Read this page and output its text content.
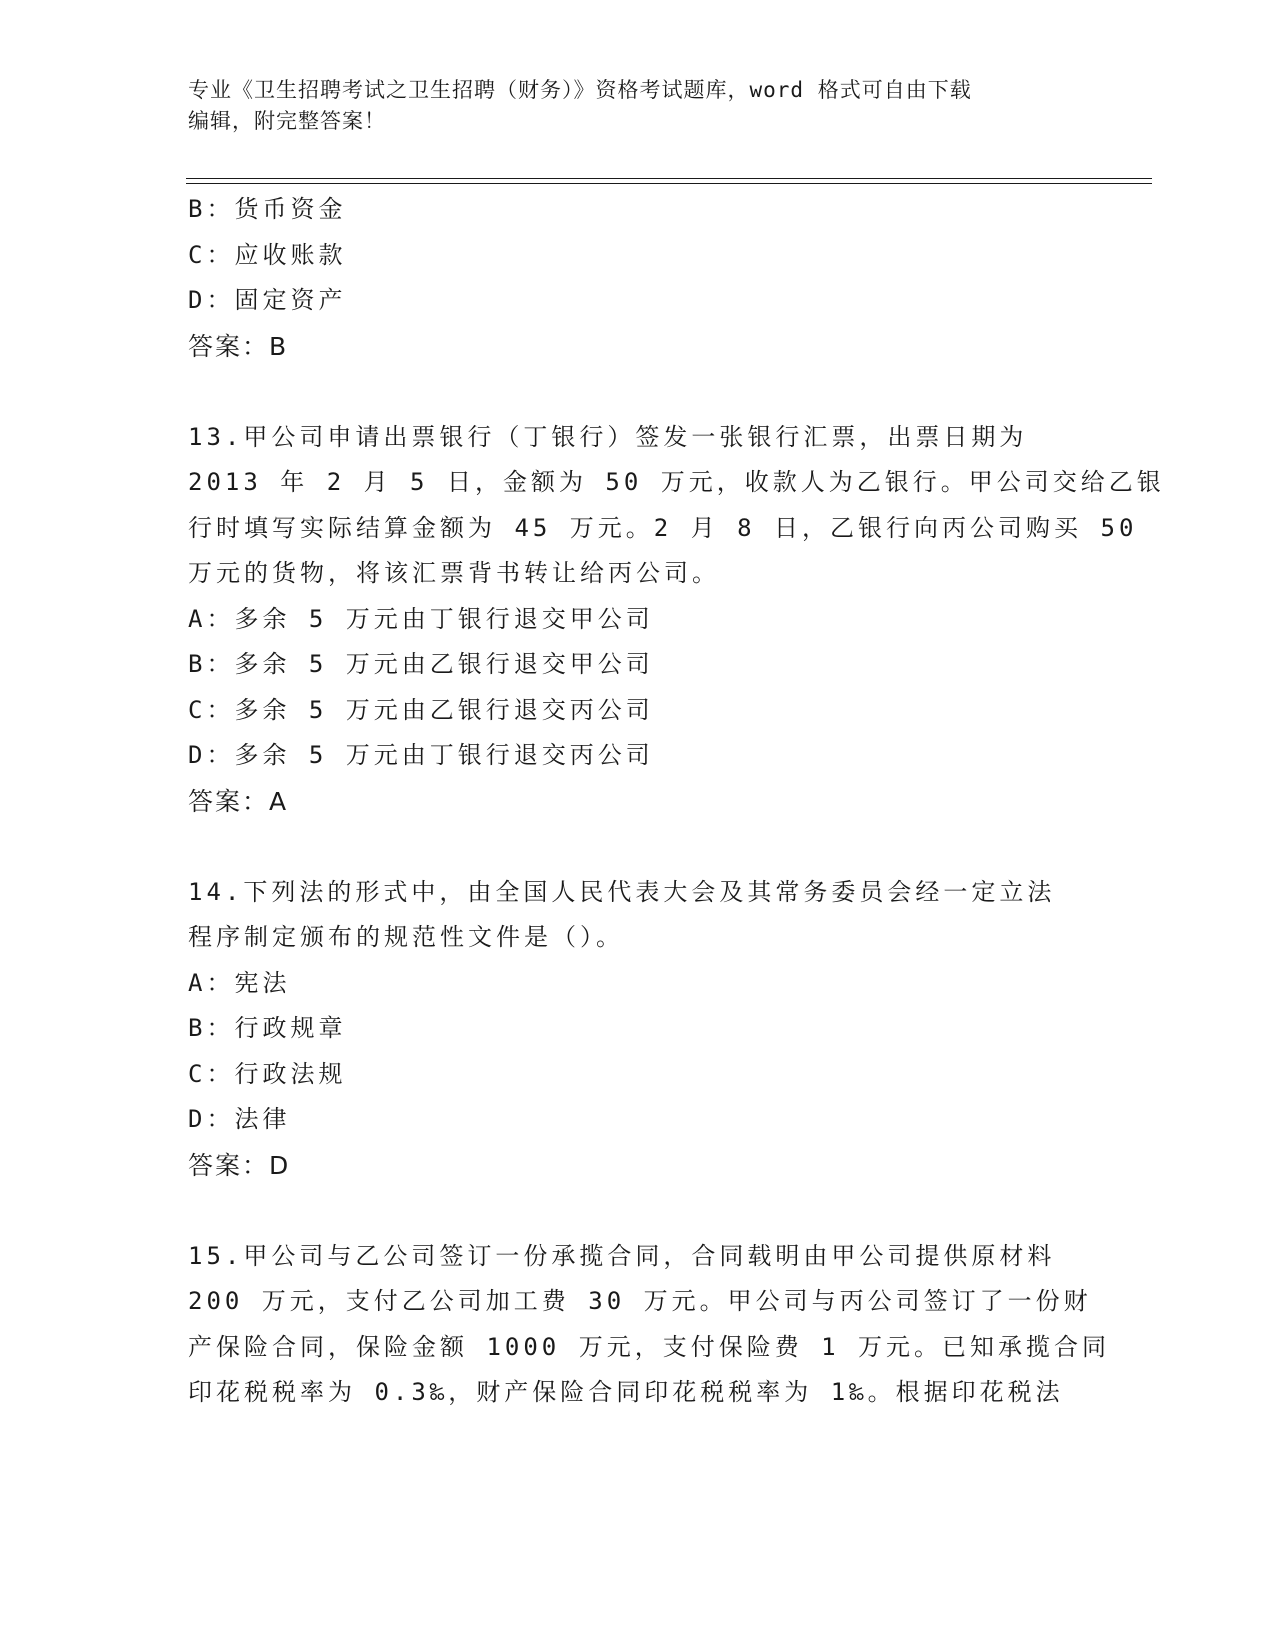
专业《卫生招聘考试之卫生招聘（财务）》资格考试题库，word 格式可自由下载
编辑，附完整答案！
B：货币资金
C：应收账款
D：固定资产
答案：B
13.甲公司申请出票银行（丁银行）签发一张银行汇票，出票日期为
2013 年 2 月 5 日，金额为 50 万元，收款人为乙银行。甲公司交给乙银
行时填写实际结算金额为 45 万元。2 月 8 日，乙银行向丙公司购买 50
万元的货物，将该汇票背书转让给丙公司。
A：多余 5 万元由丁银行退交甲公司
B：多余 5 万元由乙银行退交甲公司
C：多余 5 万元由乙银行退交丙公司
D：多余 5 万元由丁银行退交丙公司
答案：A
14.下列法的形式中，由全国人民代表大会及其常务委员会经一定立法
程序制定颁布的规范性文件是（）。
A：宪法
B：行政规章
C：行政法规
D：法律
答案：D
15.甲公司与乙公司签订一份承揽合同，合同载明由甲公司提供原材料
200 万元，支付乙公司加工费 30 万元。甲公司与丙公司签订了一份财
产保险合同，保险金额 1000 万元，支付保险费 1 万元。已知承揽合同
印花税税率为 0.3‰，财产保险合同印花税税率为 1‰。根据印花税法
